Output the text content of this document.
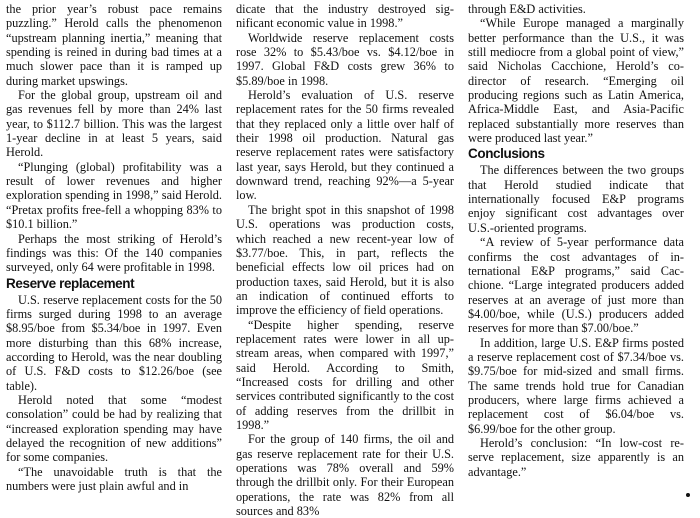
the prior year’s robust pace remains puzzling.” Herold calls the phenomenon “upstream planning inertia,” meaning that spending is reined in during bad times at a much slower pace than it is ramped up during market upswings.

For the global group, upstream oil and gas revenues fell by more than 24% last year, to $112.7 billion. This was the largest 1-year decline in at least 5 years, said Herold.

“Plunging (global) profitability was a result of lower revenues and higher exploration spending in 1998,” said Herold. “Pretax profits free-fell a whopping 83% to $10.1 billion.”

Perhaps the most striking of Herold’s findings was this: Of the 140 companies surveyed, only 64 were profitable in 1998.

Reserve replacement

U.S. reserve replacement costs for the 50 firms surged during 1998 to an average $8.95/boe from $5.34/boe in 1997. Even more disturbing than this 68% increase, according to Herold, was the near doubling of U.S. F&D costs to $12.26/boe (see table).

Herold noted that some “modest consolation” could be had by realizing that “increased exploration spending may have delayed the recognition of new additions” for some companies.

“The unavoidable truth is that the numbers were just plain awful and in

dicate that the industry destroyed significant economic value in 1998.”

Worldwide reserve replacement costs rose 32% to $5.43/boe vs. $4.12/boe in 1997. Global F&D costs grew 36% to $5.89/boe in 1998.

Herold’s evaluation of U.S. reserve replacement rates for the 50 firms revealed that they replaced only a little over half of their 1998 oil production. Natural gas reserve replacement rates were satisfactory last year, says Herold, but they continued a downward trend, reaching 92%—a 5-year low.

The bright spot in this snapshot of 1998 U.S. operations was production costs, which reached a new recent-year low of $3.77/boe. This, in part, reflects the beneficial effects low oil prices had on production taxes, said Herold, but it is also an indication of continued efforts to improve the efficiency of field operations.

“Despite higher spending, reserve replacement rates were lower in all upstream areas, when compared with 1997,” said Herold. According to Smith, “Increased costs for drilling and other services contributed significantly to the cost of adding reserves from the drillbit in 1998.”

For the group of 140 firms, the oil and gas reserve replacement rate for their U.S. operations was 78% overall and 59% through the drillbit only. For their European operations, the rate was 82% from all sources and 83%

through E&D activities.

“While Europe managed a marginally better performance than the U.S., it was still mediocre from a global point of view,” said Nicholas Cacchione, Herold’s co-director of research. “Emerging oil producing regions such as Latin America, Africa-Middle East, and Asia-Pacific replaced substantially more reserves than were produced last year.”

Conclusions

The differences between the two groups that Herold studied indicate that internationally focused E&P programs enjoy significant cost advantages over U.S.-oriented programs.

“A review of 5-year performance data confirms the cost advantages of international E&P programs,” said Cacchione. “Large integrated producers added reserves at an average of just more than $4.00/boe, while (U.S.) producers added reserves for more than $7.00/boe.”

In addition, large U.S. E&P firms posted a reserve replacement cost of $7.34/boe vs. $9.75/boe for mid-sized and small firms. The same trends hold true for Canadian producers, where large firms achieved a replacement cost of $6.04/boe vs. $6.99/boe for the other group.

Herold’s conclusion: “In low-cost reserve replacement, size apparently is an advantage.”
